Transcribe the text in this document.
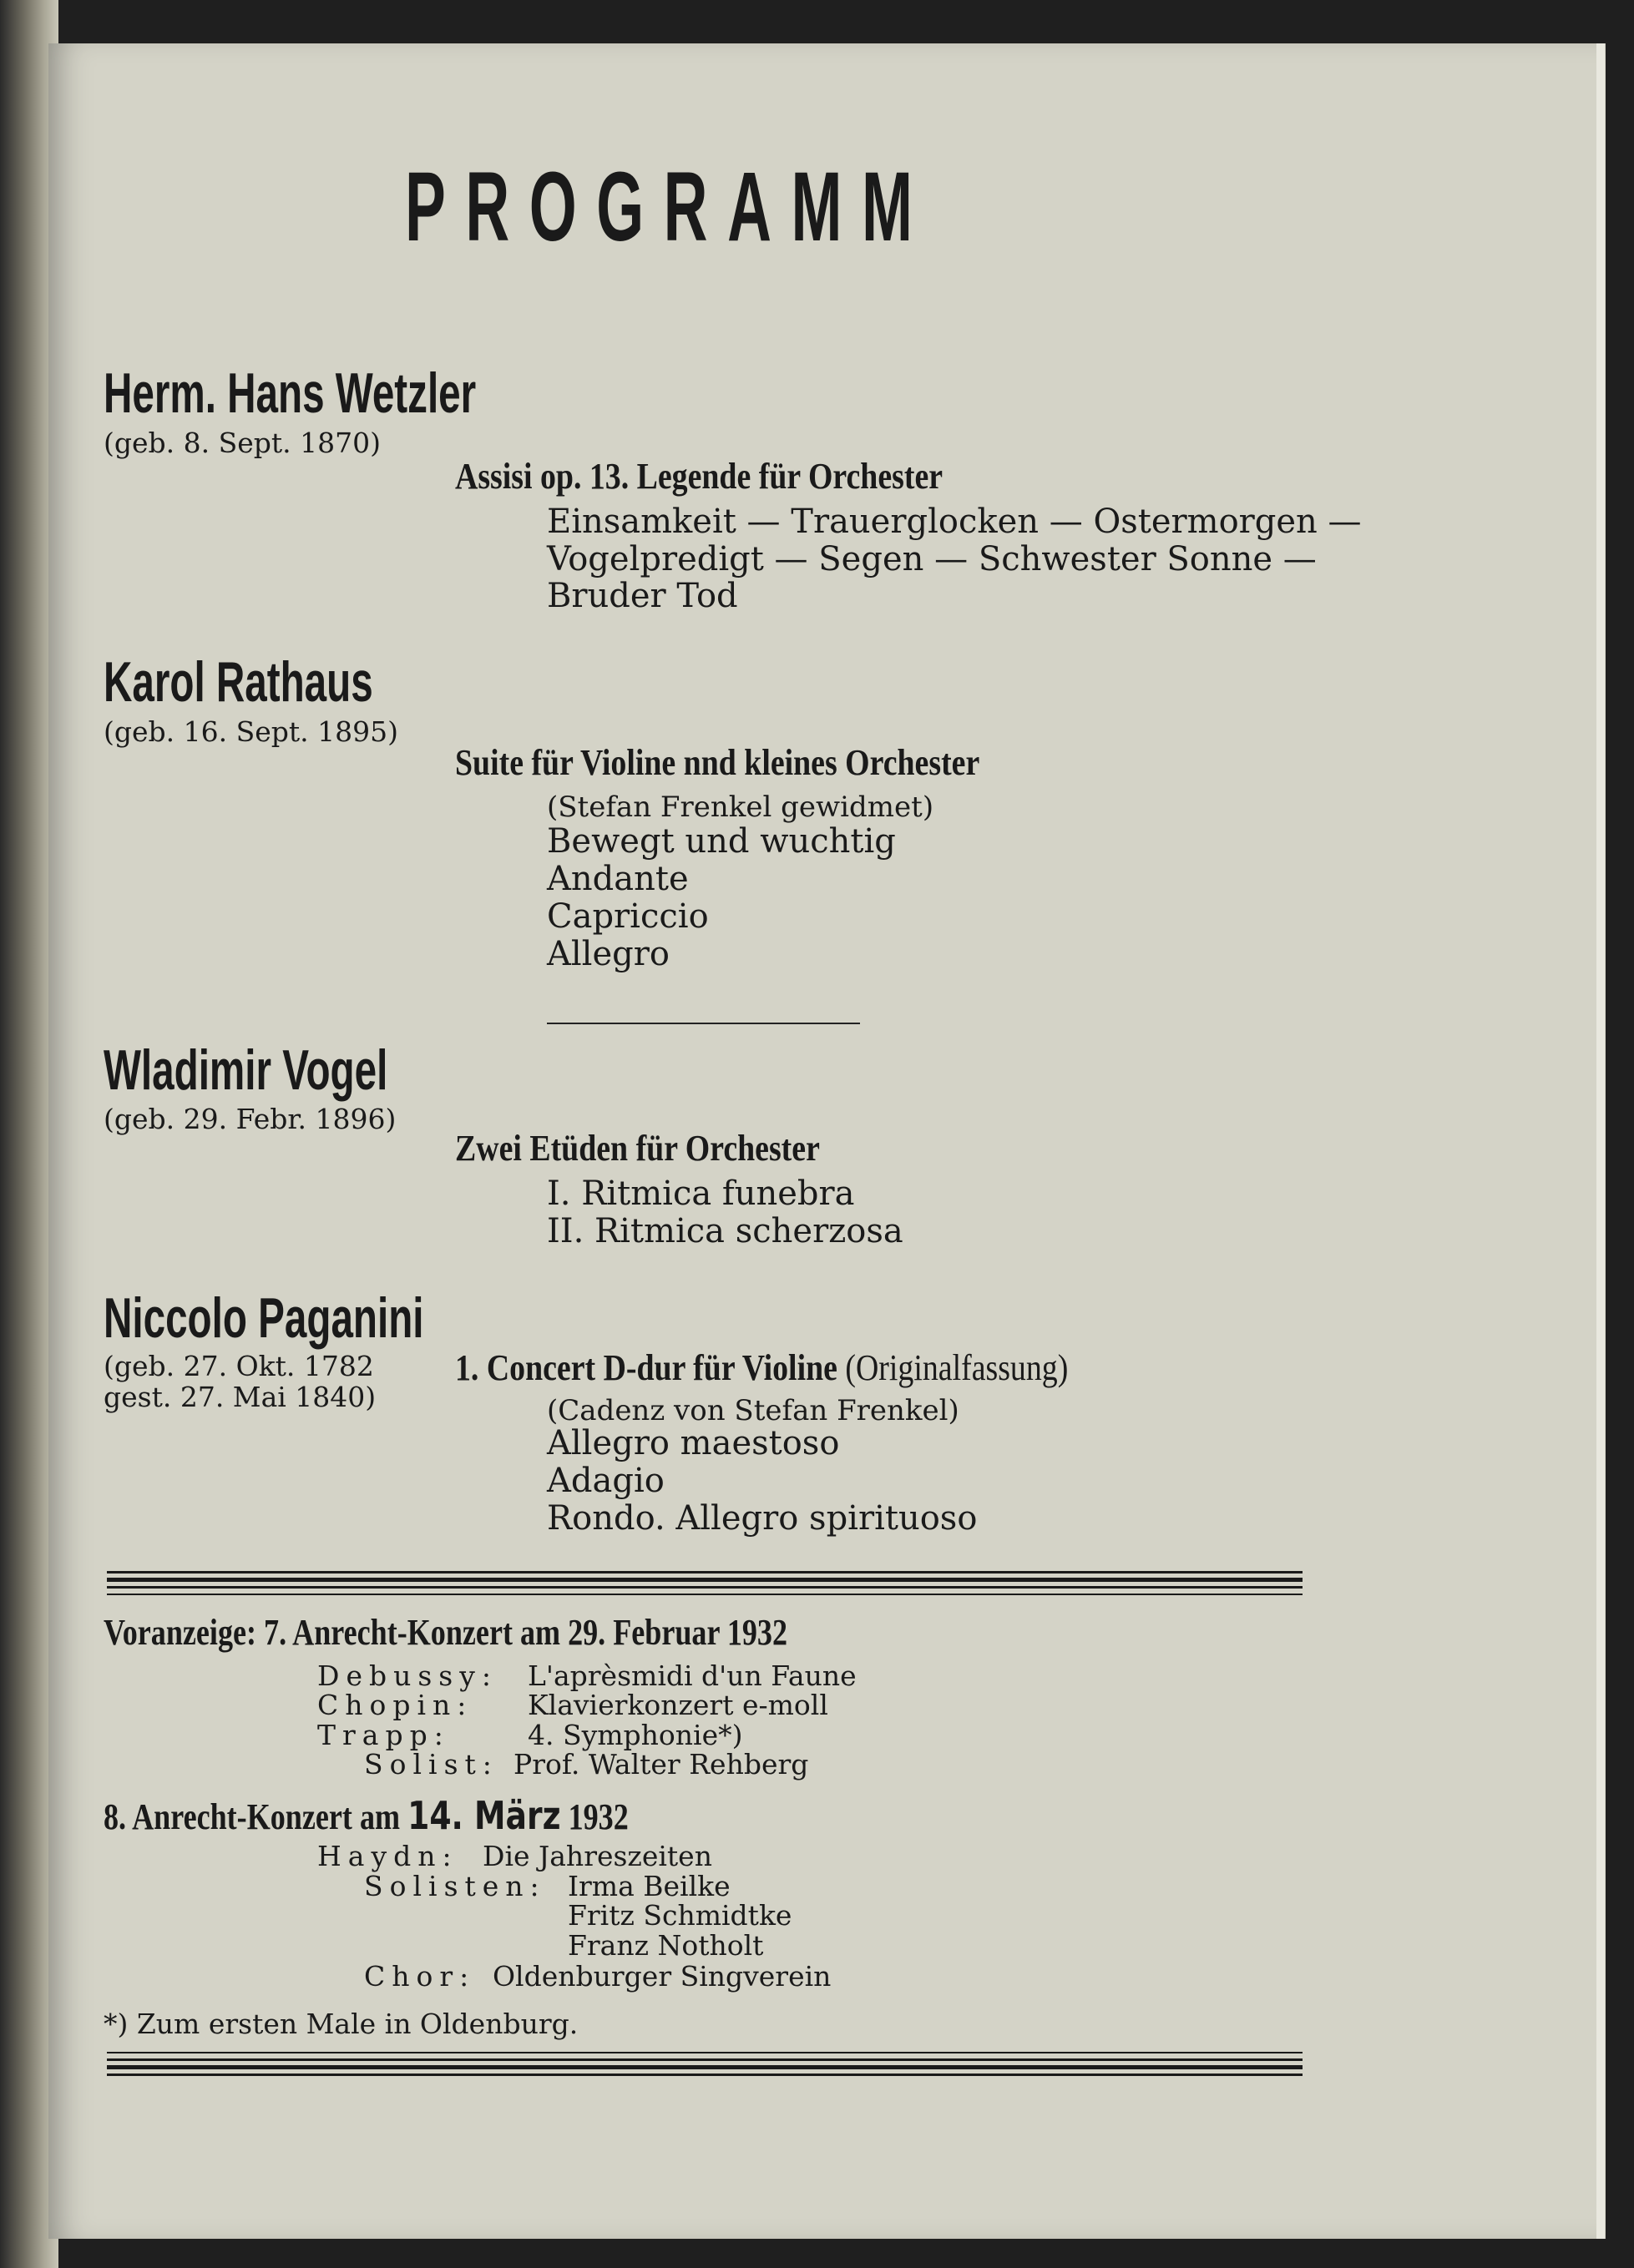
PROGRAMM
Herm. Hans Wetzler
(geb. 8. Sept. 1870)
Assisi op. 13. Legende für Orchester
Einsamkeit — Trauerglocken — Ostermorgen —
Vogelpredigt — Segen — Schwester Sonne —
Bruder Tod
Karol Rathaus
(geb. 16. Sept. 1895)
Suite für Violine nnd kleines Orchester
(Stefan Frenkel gewidmet)
Bewegt und wuchtig
Andante
Capriccio
Allegro
Wladimir Vogel
(geb. 29. Febr. 1896)
Zwei Etüden für Orchester
I. Ritmica funebra
II. Ritmica scherzosa
Niccolo Paganini
(geb. 27. Okt. 1782
gest. 27. Mai 1840)
1. Concert D-dur für Violine (Originalfassung)
(Cadenz von Stefan Frenkel)
Allegro maestoso
Adagio
Rondo. Allegro spirituoso
Voranzeige: 7. Anrecht-Konzert am 29. Februar 1932
Debussy: L'aprèsmidi d'un Faune
Chopin: Klavierkonzert e-moll
Trapp:	4. Symphonie*)
Solist: Prof. Walter Rehberg
8. Anrecht-Konzert am 14. März 1932
Haydn: Die Jahreszeiten
Solisten: Irma Beilke
Fritz Schmidtke
Franz Notholt
Chor: Oldenburger Singverein
*) Zum ersten Male in Oldenburg.
